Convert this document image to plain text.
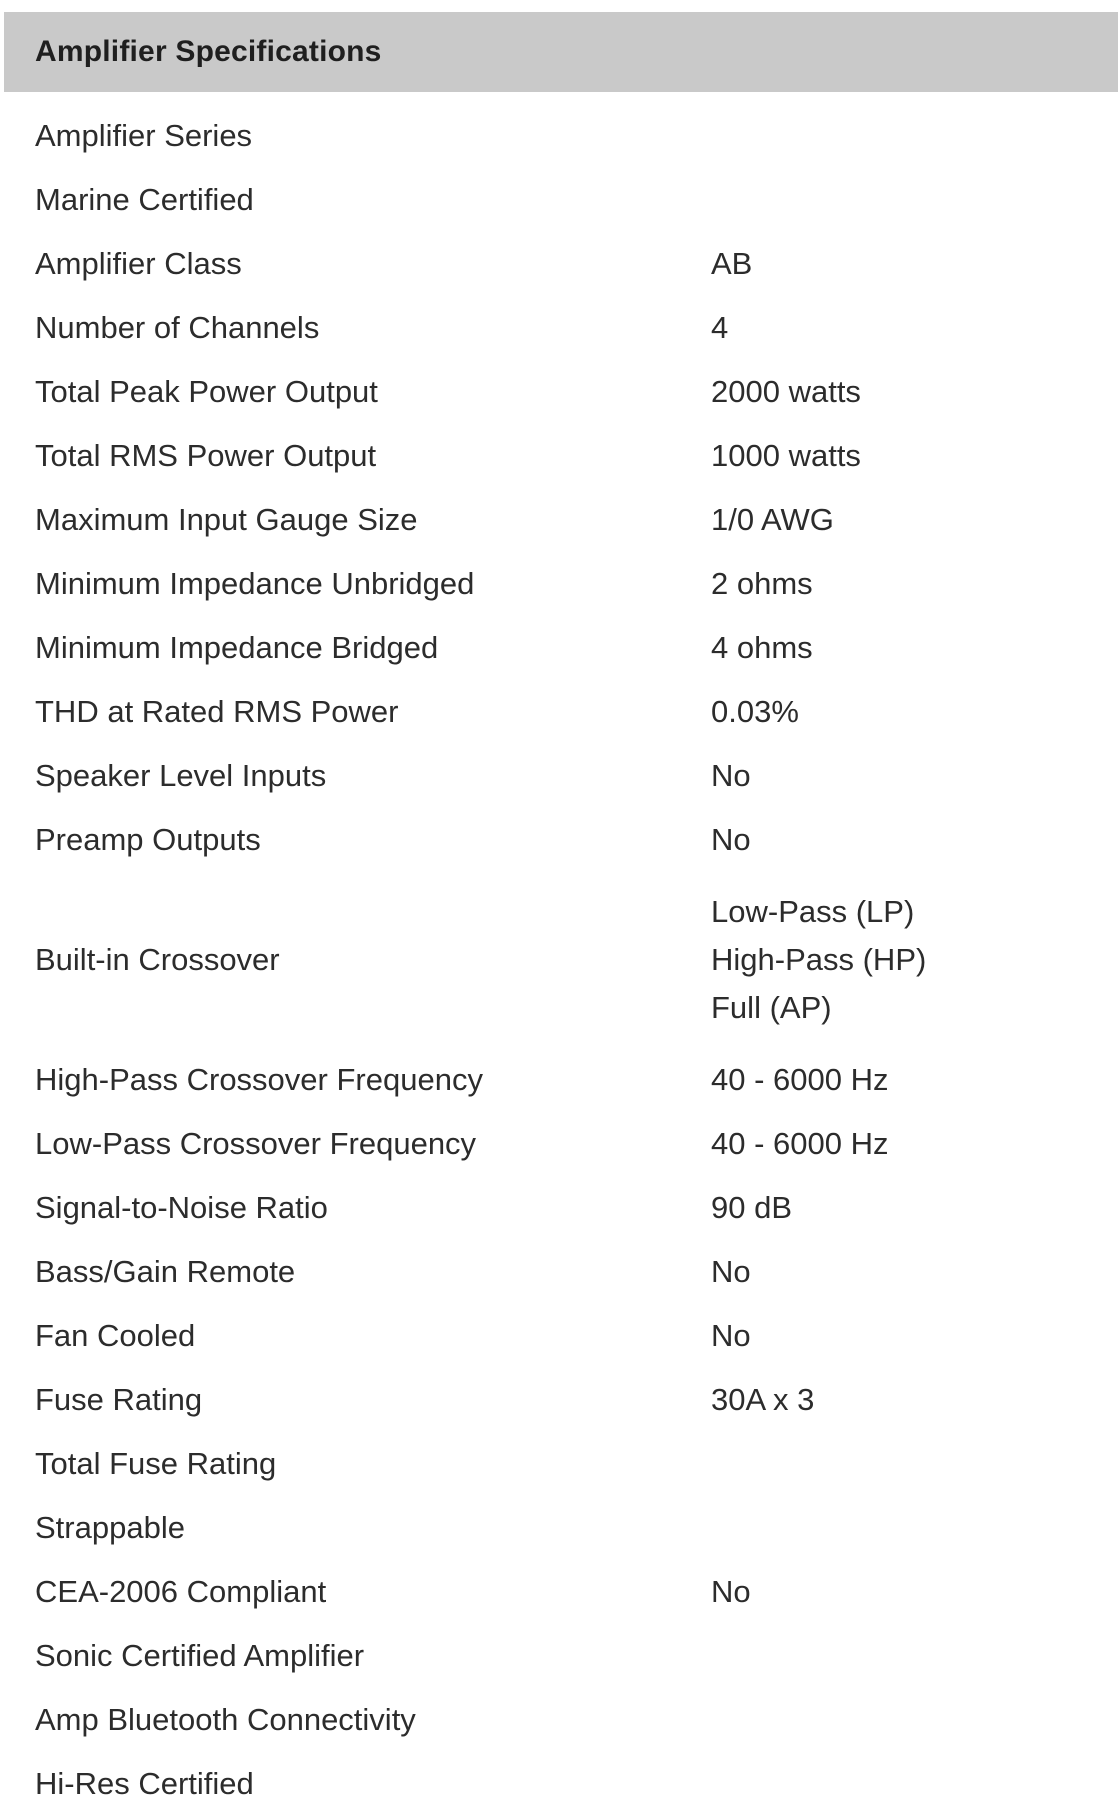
Amplifier Specifications
Amplifier Series	
Marine Certified	
Amplifier Class	AB
Number of Channels	4
Total Peak Power Output	2000 watts
Total RMS Power Output	1000 watts
Maximum Input Gauge Size	1/0 AWG
Minimum Impedance Unbridged	2 ohms
Minimum Impedance Bridged	4 ohms
THD at Rated RMS Power	0.03%
Speaker Level Inputs	No
Preamp Outputs	No
Built-in Crossover	Low-Pass (LP)
High-Pass (HP)
Full (AP)

High-Pass Crossover Frequency	40 - 6000 Hz
Low-Pass Crossover Frequency	40 - 6000 Hz
Signal-to-Noise Ratio	90 dB
Bass/Gain Remote	No
Fan Cooled	No
Fuse Rating	30A x 3
Total Fuse Rating	
Strappable	
CEA-2006 Compliant	No
Sonic Certified Amplifier	
Amp Bluetooth Connectivity	
Hi-Res Certified	
